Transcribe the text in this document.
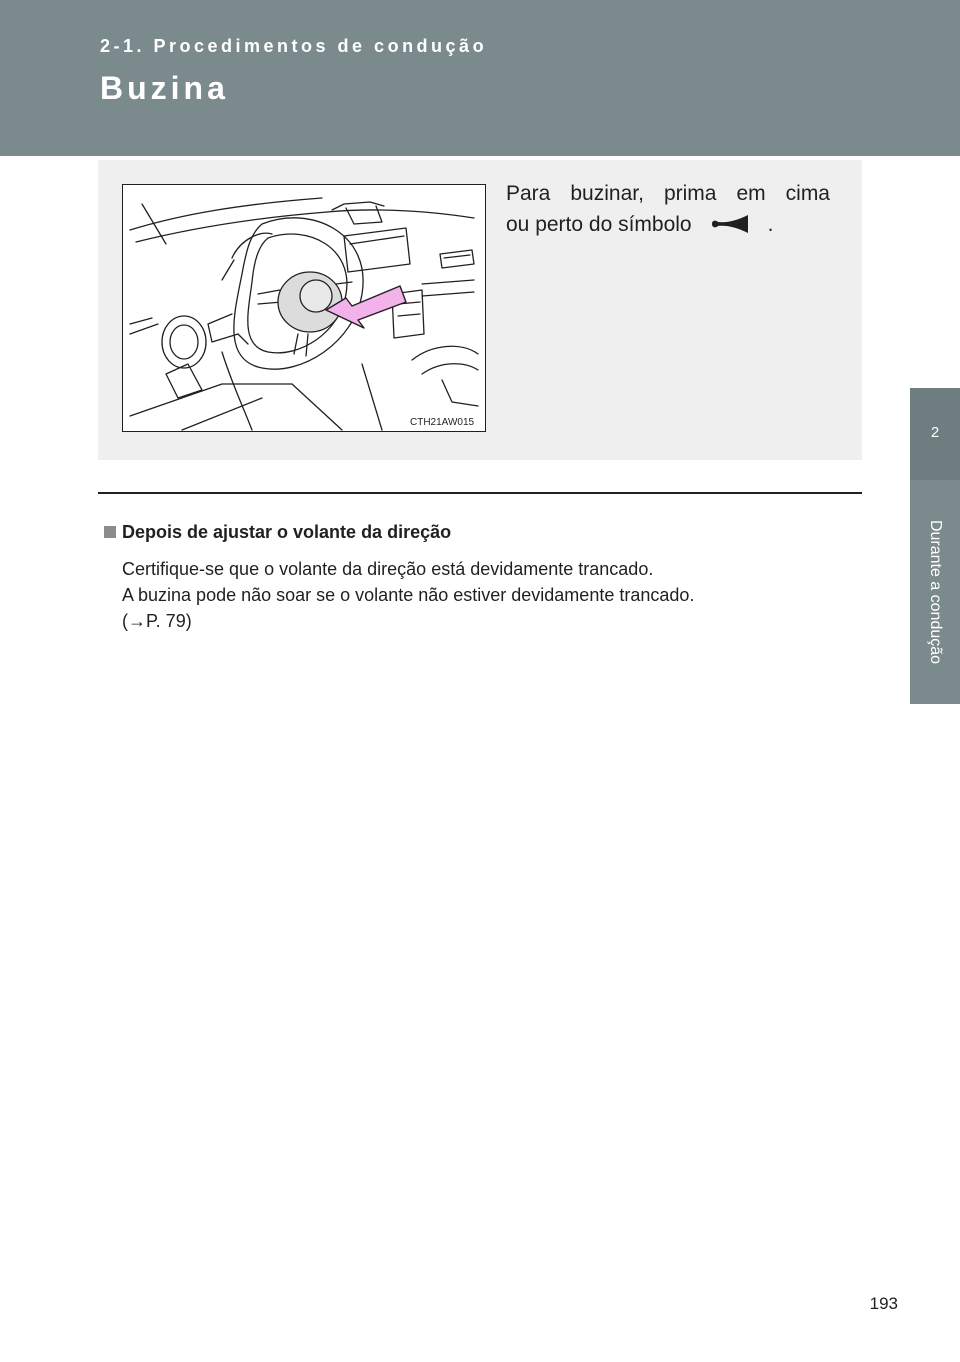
2-1. Procedimentos de condução
Buzina
2
Durante a condução
CTH21AW015
Para buzinar, prima em cima
ou perto do símbolo	.
Depois de ajustar o volante da direção
Certifique-se que o volante da direção está devidamente trancado.
A buzina pode não soar se o volante não estiver devidamente trancado.
(→P. 79)
193
